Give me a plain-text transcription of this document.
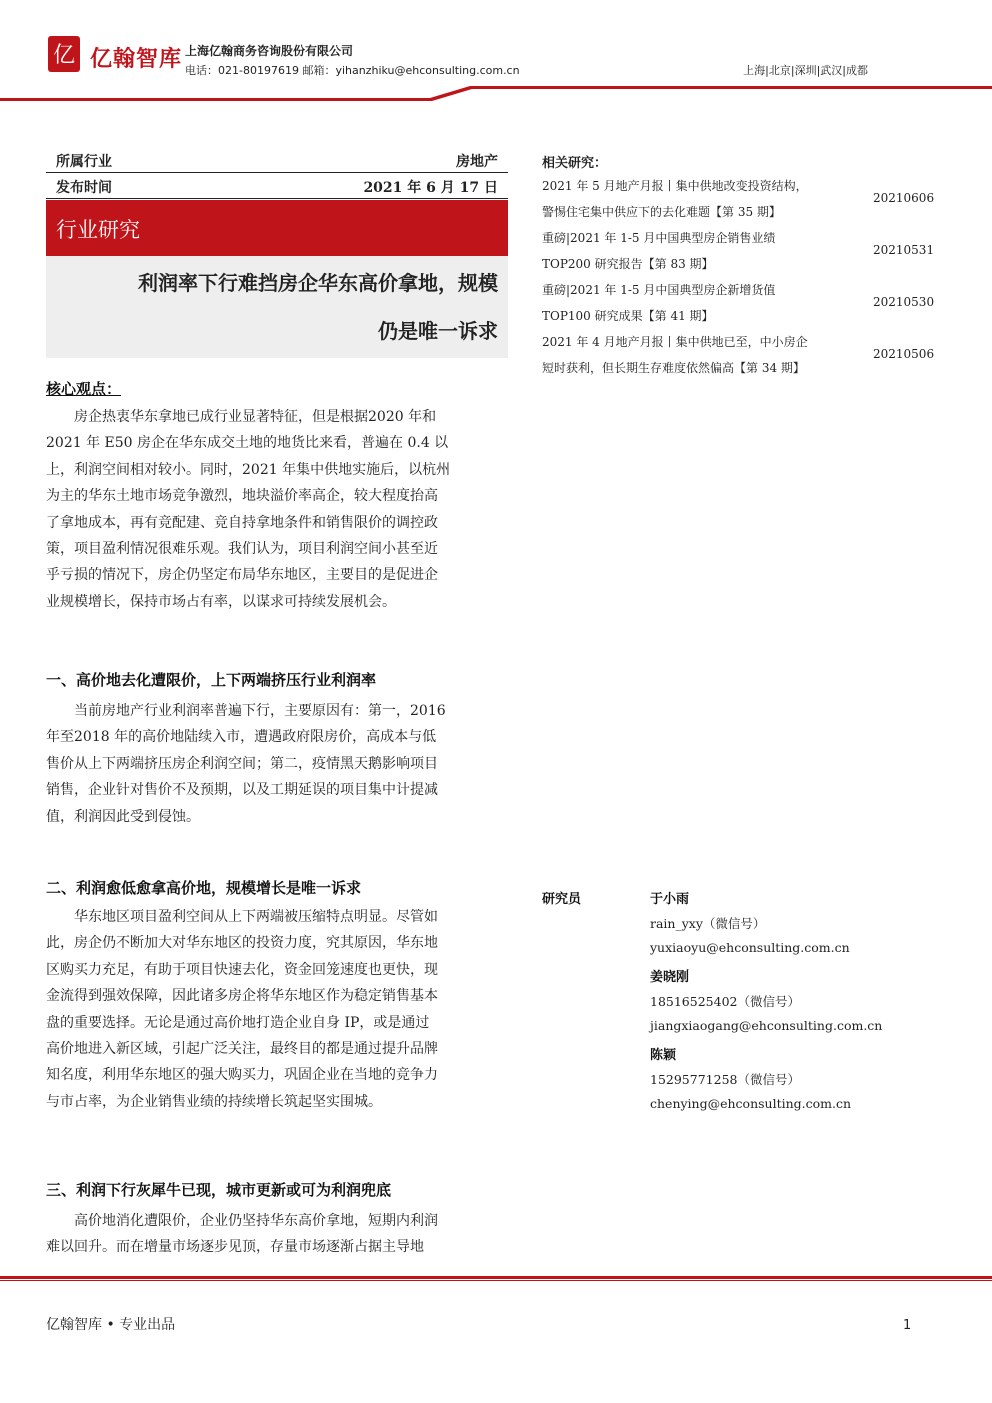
亿 亿翰智库 上海亿翰商务咨询股份有限公司
电话：021-80197619 邮箱：yihanzhiku@ehconsulting.com.cn	上海|北京|深圳|武汉|成都
所属行业	房地产
发布时间	2021 年 6 月 17 日
行业研究
利润率下行难挡房企华东高价拿地，规模
仍是唯一诉求
核心观点：
房企热衷华东拿地已成行业显著特征，但是根据2020 年和
2021 年 E50 房企在华东成交土地的地货比来看，普遍在 0.4 以
上，利润空间相对较小。同时，2021 年集中供地实施后，以杭州
为主的华东土地市场竞争激烈，地块溢价率高企，较大程度抬高
了拿地成本，再有竞配建、竞自持拿地条件和销售限价的调控政
策，项目盈利情况很难乐观。我们认为，项目利润空间小甚至近
乎亏损的情况下，房企仍坚定布局华东地区，主要目的是促进企
业规模增长，保持市场占有率，以谋求可持续发展机会。
一、高价地去化遭限价，上下两端挤压行业利润率
当前房地产行业利润率普遍下行，主要原因有：第一，2016
年至2018 年的高价地陆续入市，遭遇政府限房价，高成本与低
售价从上下两端挤压房企利润空间；第二，疫情黑天鹅影响项目
销售，企业针对售价不及预期，以及工期延误的项目集中计提减
值，利润因此受到侵蚀。
二、利润愈低愈拿高价地，规模增长是唯一诉求
华东地区项目盈利空间从上下两端被压缩特点明显。尽管如
此，房企仍不断加大对华东地区的投资力度，究其原因，华东地
区购买力充足，有助于项目快速去化，资金回笼速度也更快，现
金流得到强效保障，因此诸多房企将华东地区作为稳定销售基本
盘的重要选择。无论是通过高价地打造企业自身 IP，或是通过
高价地进入新区域，引起广泛关注，最终目的都是通过提升品牌
知名度，利用华东地区的强大购买力，巩固企业在当地的竞争力
与市占率，为企业销售业绩的持续增长筑起坚实围城。
三、利润下行灰犀牛已现，城市更新或可为利润兜底
高价地消化遭限价，企业仍坚持华东高价拿地，短期内利润
难以回升。而在增量市场逐步见顶，存量市场逐渐占据主导地
相关研究：
2021 年 5 月地产月报丨集中供地改变投资结构，
警惕住宅集中供应下的去化难题【第 35 期】
20210606
重磅|2021 年 1-5 月中国典型房企销售业绩
TOP200 研究报告【第 83 期】
20210531
重磅|2021 年 1-5 月中国典型房企新增货值
TOP100 研究成果【第 41 期】
20210530
2021 年 4 月地产月报丨集中供地已至，中小房企
短时获利，但长期生存难度依然偏高【第 34 期】
20210506
研究员	于小雨
rain_yxy（微信号）
yuxiaoyu@ehconsulting.com.cn
姜晓刚
18516525402（微信号）
jiangxiaogang@ehconsulting.com.cn
陈颖
15295771258（微信号）
chenying@ehconsulting.com.cn
亿翰智库 • 专业出品	1
